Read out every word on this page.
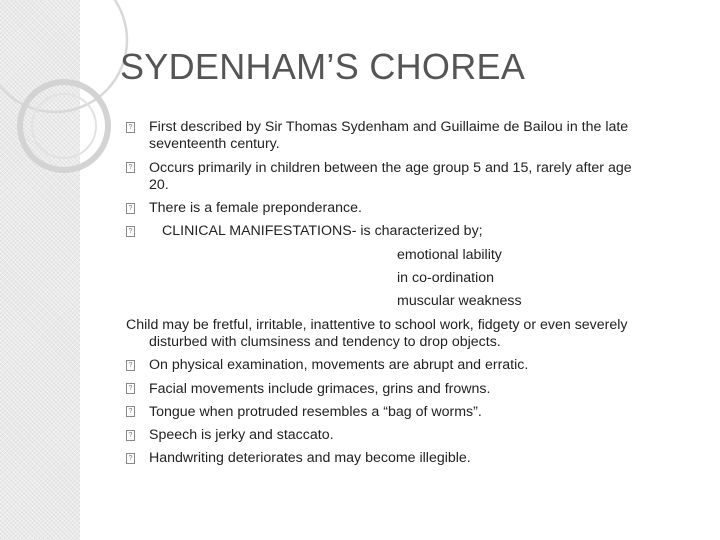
SYDENHAM’S CHOREA
?	First described by Sir Thomas Sydenham and Guillaime de Bailou in the late
seventeenth century.
?	Occurs primarily in children between the age group 5 and 15, rarely after age
20.
?	There is a female preponderance.
?	CLINICAL MANIFESTATIONS- is characterized by;
emotional lability
in co-ordination
muscular weakness
Child may be fretful, irritable, inattentive to school work, fidgety or even severely
disturbed with clumsiness and tendency to drop objects.
?	On physical examination, movements are abrupt and erratic.
?	Facial movements include grimaces, grins and frowns.
?	Tongue when protruded resembles a “bag of worms”.
?	Speech is jerky and staccato.
?	Handwriting deteriorates and may become illegible.
